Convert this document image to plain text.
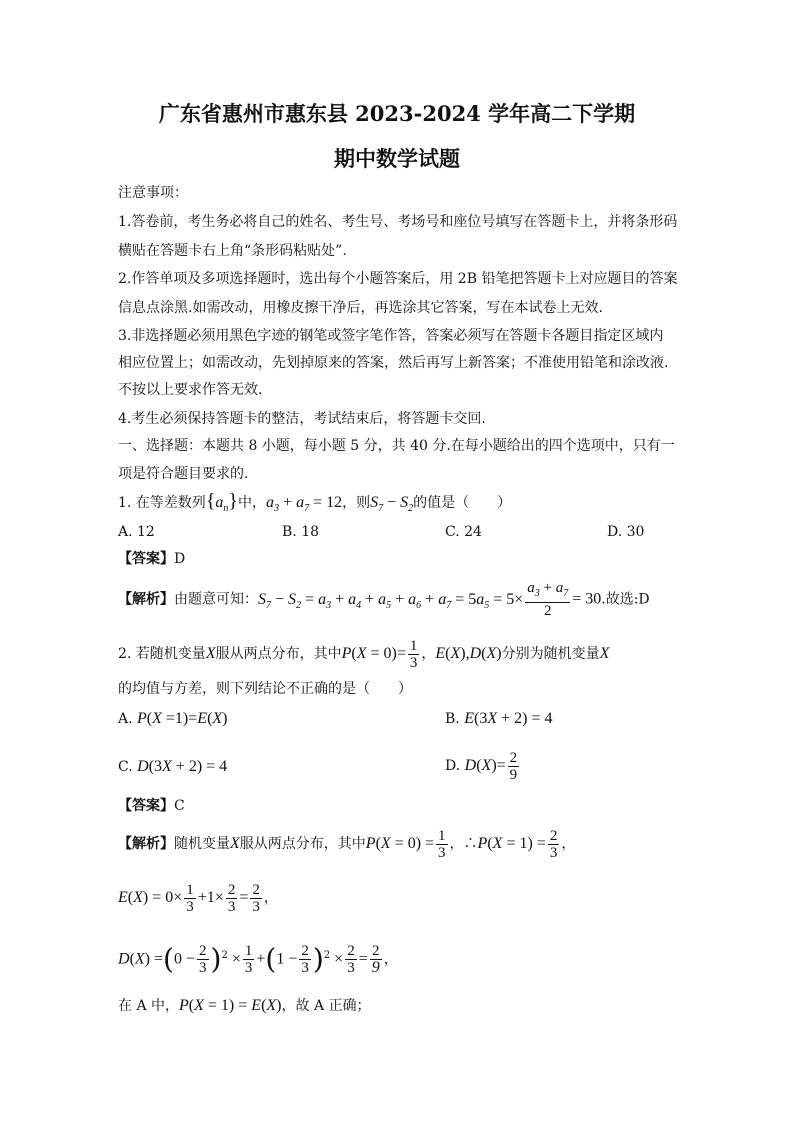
广东省惠州市惠东县 2023-2024 学年高二下学期
期中数学试题
注意事项：
1.答卷前，考生务必将自己的姓名、考生号、考场号和座位号填写在答题卡上，并将条形码
横贴在答题卡右上角“条形码粘贴处”.
2.作答单项及多项选择题时，选出每个小题答案后，用 2B 铅笔把答题卡上对应题目的答案
信息点涂黑.如需改动，用橡皮擦干净后，再选涂其它答案，写在本试卷上无效.
3.非选择题必须用黑色字迹的钢笔或签字笔作答，答案必须写在答题卡各题目指定区域内
相应位置上；如需改动，先划掉原来的答案，然后再写上新答案；不准使用铅笔和涂改液.
不按以上要求作答无效.
4.考生必须保持答题卡的整洁，考试结束后，将答题卡交回.
一、选择题：本题共 8 小题，每小题 5 分，共 40 分.在每小题给出的四个选项中，只有一
项是符合题目要求的.
1. 在等差数列$\{a_n\}$中，$a_3 + a_7 = 12$，则$S_7 - S_2$的值是（　　）
A. 12	B. 18	C. 24	D. 30
【答案】D
【解析】由题意可知：$S_7 - S_2 = a_3 + a_4 + a_5 + a_6 + a_7 = 5a_5 = 5\times \frac{a_3 + a_7}{2} = 30$.故选:D
2. 若随机变量X服从两点分布，其中$P(X = 0)= \frac{1}{3}$ ，E(X),D(X)分别为随机变量X
的均值与方差，则下列结论不正确的是（　　）
A. P(X =1)=E(X)	B. E(3X + 2) = 4
C. D(3X + 2) = 4	D. $D(X)= \frac{2}{9}$
【答案】C
【解析】随机变量X服从两点分布，其中$P(X = 0) = \frac{1}{3}$ ，∴P(X = $1) = \frac{2}{3}$ ，
$E(X) = 0\times \frac{1}{3} +1\times \frac{2}{3} = \frac{2}{3}$ ，
$D(X) =(0 - \frac{2}{3} )^2 \times \frac{1}{3} +(1 - \frac{2}{3} )^2 \times \frac{2}{3} = \frac{2}{9}$ ，
在 A 中，P(X = 1) = E(X)，故 A 正确；
